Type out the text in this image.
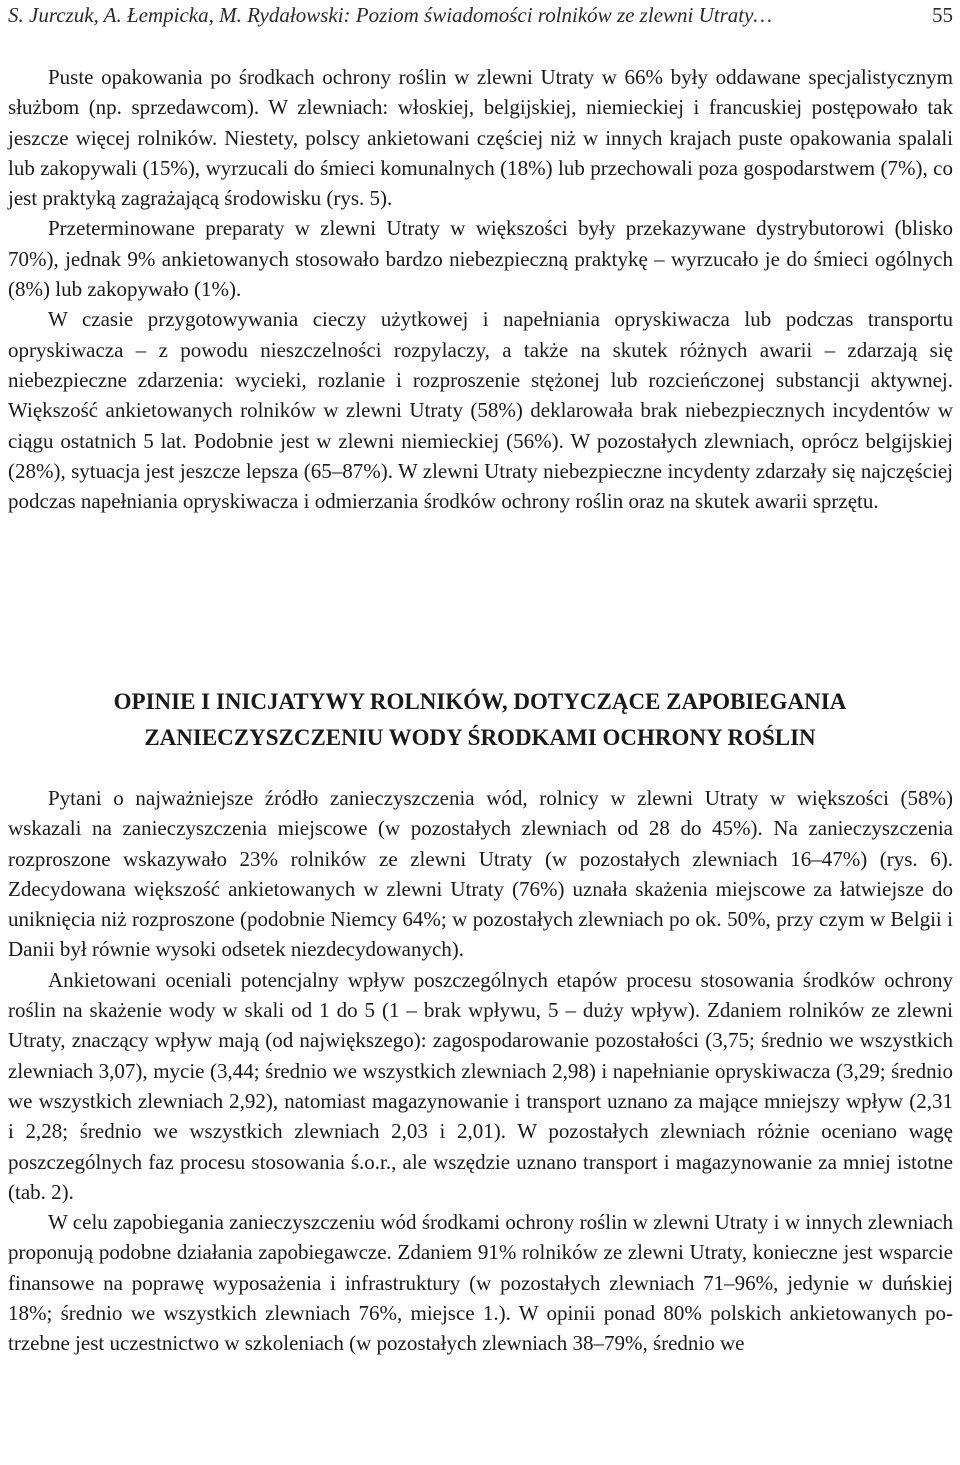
S. Jurczuk, A. Łempicka, M. Rydałowski: Poziom świadomości rolników ze zlewni Utraty…	55

Puste opakowania po środkach ochrony roślin w zlewni Utraty w 66% były oddawane specjalistycznym służbom (np. sprzedawcom). W zlewniach: włoskiej, belgijskiej, niemieckiej i francuskiej postępowało tak jeszcze więcej rolników. Niestety, polscy ankietowani częściej niż w innych krajach puste opakowania spalali lub zakopywali (15%), wyrzucali do śmieci komunalnych (18%) lub przechowali poza gospodarstwem (7%), co jest praktyką zagrażającą środowisku (rys. 5).

Przeterminowane preparaty w zlewni Utraty w większości były przekazywane dystrybutorowi (blisko 70%), jednak 9% ankietowanych stosowało bardzo niebezpieczną praktykę – wyrzucało je do śmieci ogólnych (8%) lub zakopywało (1%).

W czasie przygotowywania cieczy użytkowej i napełniania opryskiwacza lub podczas transportu opryskiwacza – z powodu nieszczelności rozpylaczy, a także na skutek różnych awarii – zdarzają się niebezpieczne zdarzenia: wycieki, rozlanie i rozproszenie stężonej lub rozcieńczonej substancji aktywnej. Większość ankietowanych rolników w zlewni Utraty (58%) deklarowała brak niebezpiecznych incydentów w ciągu ostatnich 5 lat. Podobnie jest w zlewni niemieckiej (56%). W pozostałych zlewniach, oprócz belgijskiej (28%), sytuacja jest jeszcze lepsza (65–87%). W zlewni Utraty niebezpieczne incydenty zdarzały się najczęściej podczas napełniania opryskiwacza i odmierzania środków ochrony roślin oraz na skutek awarii sprzętu.

OPINIE I INICJATYWY ROLNIKÓW, DOTYCZĄCE ZAPOBIEGANIA
ZANIECZYSZCZENIU WODY ŚRODKAMI OCHRONY ROŚLIN

Pytani o najważniejsze źródło zanieczyszczenia wód, rolnicy w zlewni Utraty w większości (58%) wskazali na zanieczyszczenia miejscowe (w pozostałych zlewniach od 28 do 45%). Na zanieczyszczenia rozproszone wskazywało 23% rolników ze zlewni Utraty (w pozostałych zlewniach 16–47%) (rys. 6). Zdecydowana większość ankietowanych w zlewni Utraty (76%) uznała skażenia miejscowe za łatwiejsze do uniknięcia niż rozproszone (podobnie Niemcy 64%; w pozostałych zlewniach po ok. 50%, przy czym w Belgii i Danii był równie wysoki odsetek niezdecydowanych).

Ankietowani oceniali potencjalny wpływ poszczególnych etapów procesu stosowania środków ochrony roślin na skażenie wody w skali od 1 do 5 (1 – brak wpływu, 5 – duży wpływ). Zdaniem rolników ze zlewni Utraty, znaczący wpływ mają (od największego): zagospodarowanie pozostałości (3,75; średnio we wszystkich zlewniach 3,07), mycie (3,44; średnio we wszystkich zlewniach 2,98) i napełnianie opryskiwacza (3,29; średnio we wszystkich zlewniach 2,92), natomiast magazynowanie i transport uznano za mające mniejszy wpływ (2,31 i 2,28; średnio we wszystkich zlewniach 2,03 i 2,01). W pozostałych zlewniach różnie oceniano wagę poszczególnych faz procesu stosowania ś.o.r., ale wszędzie uznano transport i magazynowanie za mniej istotne (tab. 2).

W celu zapobiegania zanieczyszczeniu wód środkami ochrony roślin w zlewni Utraty i w innych zlewniach proponują podobne działania zapobiegawcze. Zdaniem 91% rolników ze zlewni Utraty, konieczne jest wsparcie finansowe na poprawę wyposażenia i infrastruktury (w pozostałych zlewniach 71–96%, jedynie w duńskiej 18%; średnio we wszystkich zlewniach 76%, miejsce 1.). W opinii ponad 80% polskich ankietowanych potrzebne jest uczestnictwo w szkoleniach (w pozostałych zlewniach 38–79%, średnio we
